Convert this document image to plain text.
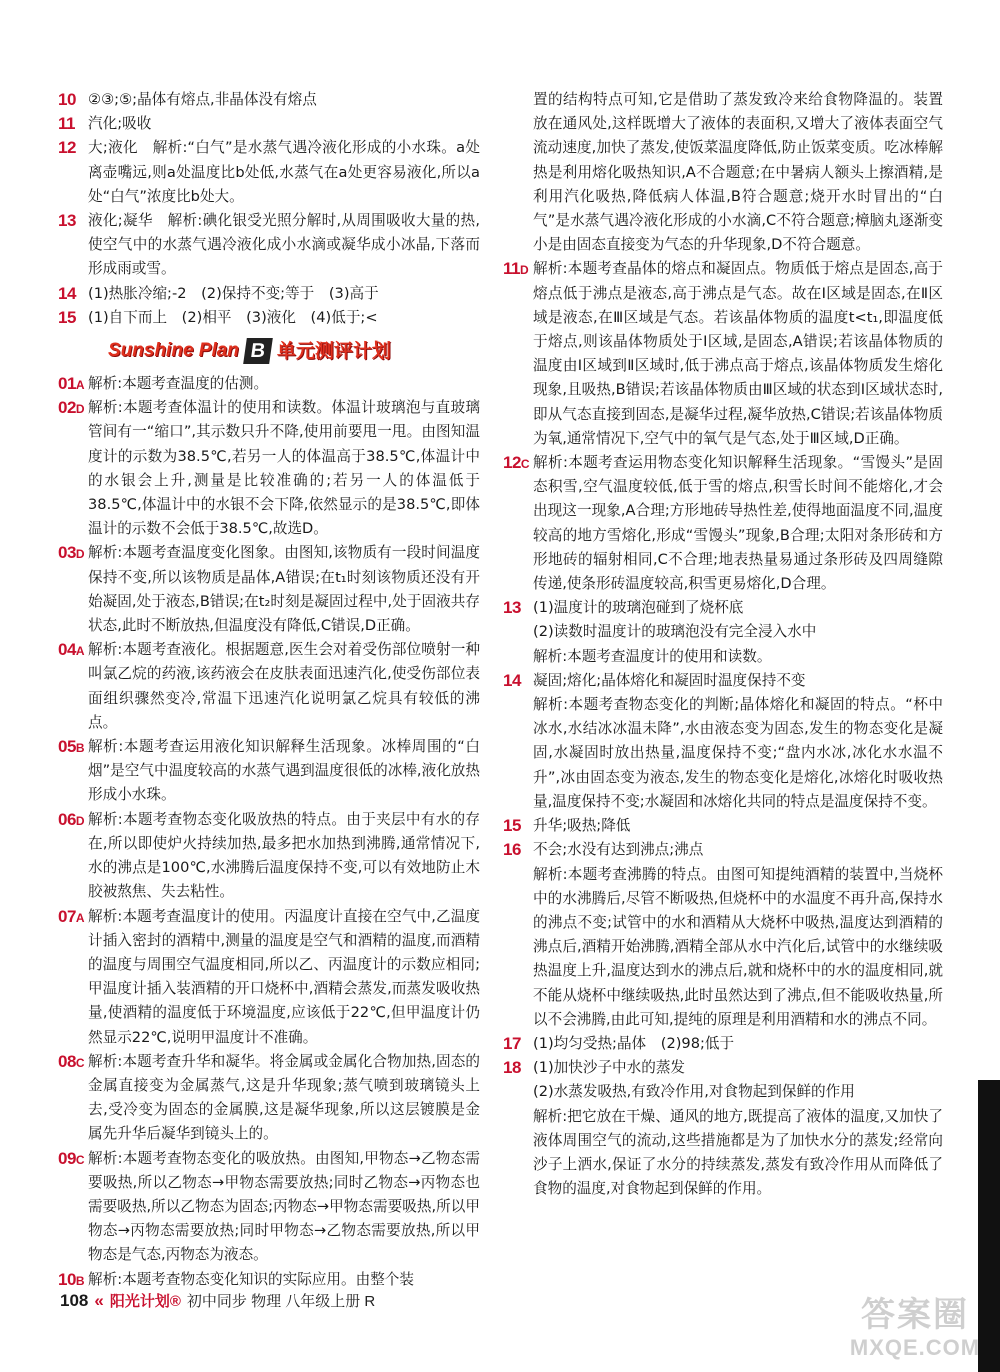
10 ②③;⑤;晶体有熔点,非晶体没有熔点

11 汽化;吸收

12 大;液化　解析:“白气”是水蒸气遇冷液化形成的小水珠。a处离壶嘴远,则a处温度比b处低,水蒸气在a处更容易液化,所以a处“白气”浓度比b处大。

13 液化;凝华　解析:碘化银受光照分解时,从周围吸收大量的热,使空气中的水蒸气遇冷液化成小水滴或凝华成小冰晶,下落而形成雨或雪。

14 (1)热胀冷缩;-2　(2)保持不变;等于　(3)高于

15 (1)自下而上　(2)相平　(3)液化　(4)低于;<

Sunshine Plan B 单元测评计划

01A 解析:本题考查温度的估测。

02D 解析:本题考查体温计的使用和读数。体温计玻璃泡与直玻璃管间有一“缩口”,其示数只升不降,使用前要甩一甩。由图知温度计的示数为38.5℃,若另一人的体温高于38.5℃,体温计中的水银会上升,测量是比较准确的;若另一人的体温低于38.5℃,体温计中的水银不会下降,依然显示的是38.5℃,即体温计的示数不会低于38.5℃,故选D。

03D 解析:本题考查温度变化图象。由图知,该物质有一段时间温度保持不变,所以该物质是晶体,A错误;在t₁时刻该物质还没有开始凝固,处于液态,B错误;在t₂时刻是凝固过程中,处于固液共存状态,此时不断放热,但温度没有降低,C错误,D正确。

04A 解析:本题考查液化。根据题意,医生会对着受伤部位喷射一种叫氯乙烷的药液,该药液会在皮肤表面迅速汽化,使受伤部位表面组织骤然变冷,常温下迅速汽化说明氯乙烷具有较低的沸点。

05B 解析:本题考查运用液化知识解释生活现象。冰棒周围的“白烟”是空气中温度较高的水蒸气遇到温度很低的冰棒,液化放热形成小水珠。

06D 解析:本题考查物态变化吸放热的特点。由于夹层中有水的存在,所以即使炉火持续加热,最多把水加热到沸腾,通常情况下,水的沸点是100℃,水沸腾后温度保持不变,可以有效地防止木胶被熬焦、失去粘性。

07A 解析:本题考查温度计的使用。丙温度计直接在空气中,乙温度计插入密封的酒精中,测量的温度是空气和酒精的温度,而酒精的温度与周围空气温度相同,所以乙、丙温度计的示数应相同;甲温度计插入装酒精的开口烧杯中,酒精会蒸发,而蒸发吸收热量,使酒精的温度低于环境温度,应该低于22℃,但甲温度计仍然显示22℃,说明甲温度计不准确。

08C 解析:本题考查升华和凝华。将金属或金属化合物加热,固态的金属直接变为金属蒸气,这是升华现象;蒸气喷到玻璃镜头上去,受冷变为固态的金属膜,这是凝华现象,所以这层镀膜是金属先升华后凝华到镜头上的。

09C 解析:本题考查物态变化的吸放热。由图知,甲物态→乙物态需要吸热,所以乙物态→甲物态需要放热;同时乙物态→丙物态也需要吸热,所以乙物态为固态;丙物态→甲物态需要吸热,所以甲物态→丙物态需要放热;同时甲物态→乙物态需要放热,所以甲物态是气态,丙物态为液态。

10B 解析:本题考查物态变化知识的实际应用。由整个装

置的结构特点可知,它是借助了蒸发致冷来给食物降温的。装置放在通风处,这样既增大了液体的表面积,又增大了液体表面空气流动速度,加快了蒸发,使饭菜温度降低,防止饭菜变质。吃冰棒解热是利用熔化吸热知识,A不合题意;在中暑病人额头上擦酒精,是利用汽化吸热,降低病人体温,B符合题意;烧开水时冒出的“白气”是水蒸气遇冷液化形成的小水滴,C不符合题意;樟脑丸逐渐变小是由固态直接变为气态的升华现象,D不符合题意。

11D 解析:本题考查晶体的熔点和凝固点。物质低于熔点是固态,高于熔点低于沸点是液态,高于沸点是气态。故在Ⅰ区域是固态,在Ⅱ区域是液态,在Ⅲ区域是气态。若该晶体物质的温度t<t₁,即温度低于熔点,则该晶体物质处于Ⅰ区域,是固态,A错误;若该晶体物质的温度由Ⅰ区域到Ⅱ区域时,低于沸点高于熔点,该晶体物质发生熔化现象,且吸热,B错误;若该晶体物质由Ⅲ区域的状态到Ⅰ区域状态时,即从气态直接到固态,是凝华过程,凝华放热,C错误;若该晶体物质为氧,通常情况下,空气中的氧气是气态,处于Ⅲ区域,D正确。

12C 解析:本题考查运用物态变化知识解释生活现象。“雪馒头”是固态积雪,空气温度较低,低于雪的熔点,积雪长时间不能熔化,才会出现这一现象,A合理;方形地砖导热性差,使得地面温度不同,温度较高的地方雪熔化,形成“雪馒头”现象,B合理;太阳对条形砖和方形地砖的辐射相同,C不合理;地表热量易通过条形砖及四周缝隙传递,使条形砖温度较高,积雪更易熔化,D合理。

13 (1)温度计的玻璃泡碰到了烧杯底
(2)读数时温度计的玻璃泡没有完全浸入水中
解析:本题考查温度计的使用和读数。

14 凝固;熔化;晶体熔化和凝固时温度保持不变
解析:本题考查物态变化的判断;晶体熔化和凝固的特点。“杯中冰水,水结冰冰温未降”,水由液态变为固态,发生的物态变化是凝固,水凝固时放出热量,温度保持不变;“盘内水冰,冰化水水温不升”,冰由固态变为液态,发生的物态变化是熔化,冰熔化时吸收热量,温度保持不变;水凝固和冰熔化共同的特点是温度保持不变。

15 升华;吸热;降低

16 不会;水没有达到沸点;沸点
解析:本题考查沸腾的特点。由图可知提纯酒精的装置中,当烧杯中的水沸腾后,尽管不断吸热,但烧杯中的水温度不再升高,保持水的沸点不变;试管中的水和酒精从大烧杯中吸热,温度达到酒精的沸点后,酒精开始沸腾,酒精全部从水中汽化后,试管中的水继续吸热温度上升,温度达到水的沸点后,就和烧杯中的水的温度相同,就不能从烧杯中继续吸热,此时虽然达到了沸点,但不能吸收热量,所以不会沸腾,由此可知,提纯的原理是利用酒精和水的沸点不同。

17 (1)均匀受热;晶体　(2)98;低于

18 (1)加快沙子中水的蒸发
(2)水蒸发吸热,有致冷作用,对食物起到保鲜的作用
解析:把它放在干燥、通风的地方,既提高了液体的温度,又加快了液体周围空气的流动,这些措施都是为了加快水分的蒸发;经常向沙子上洒水,保证了水分的持续蒸发,蒸发有致冷作用从而降低了食物的温度,对食物起到保鲜的作用。

108 « 阳光计划® 初中同步 物理 八年级上册 R	答案圈
MXQE.COM
